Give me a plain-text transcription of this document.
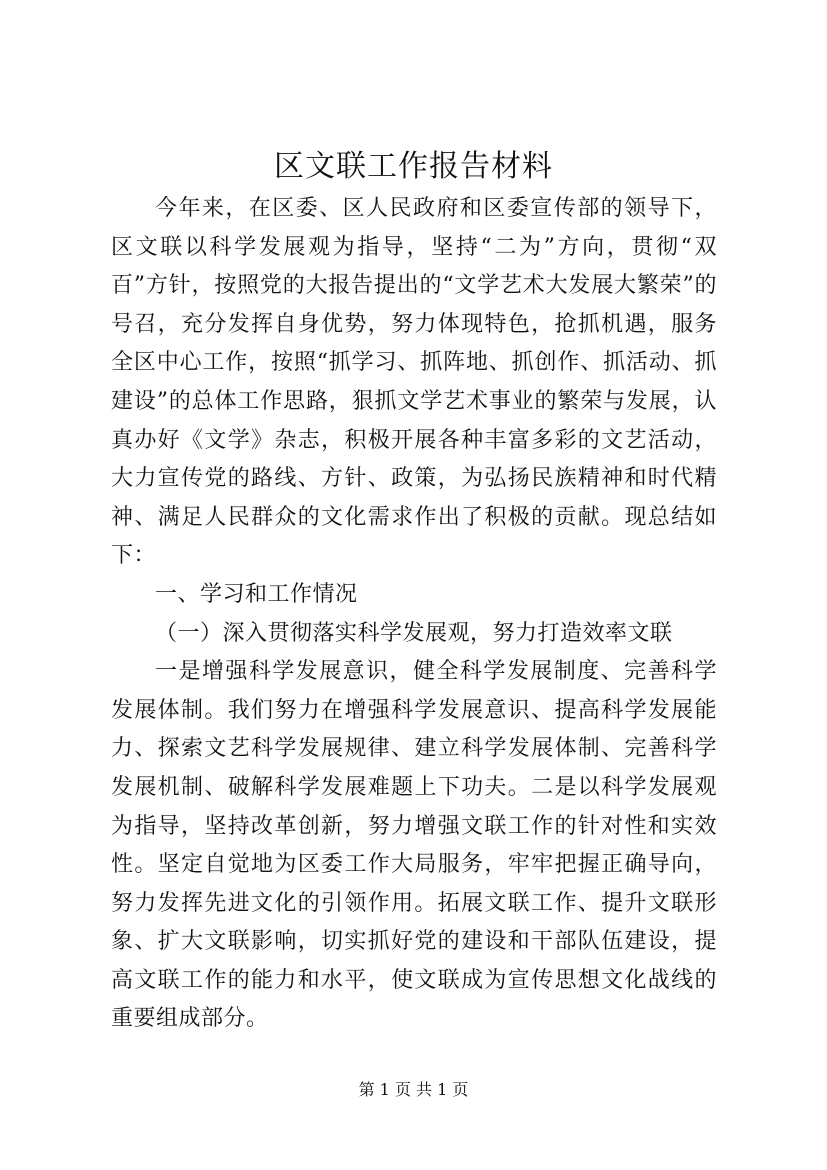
区文联工作报告材料

今年来，在区委、区人民政府和区委宣传部的领导下，区文联以科学发展观为指导，坚持“二为”方向，贯彻“双百”方针，按照党的大报告提出的“文学艺术大发展大繁荣”的号召，充分发挥自身优势，努力体现特色，抢抓机遇，服务全区中心工作，按照“抓学习、抓阵地、抓创作、抓活动、抓建设”的总体工作思路，狠抓文学艺术事业的繁荣与发展，认真办好《文学》杂志，积极开展各种丰富多彩的文艺活动，大力宣传党的路线、方针、政策，为弘扬民族精神和时代精神、满足人民群众的文化需求作出了积极的贡献。现总结如下：

一、学习和工作情况

（一）深入贯彻落实科学发展观，努力打造效率文联

一是增强科学发展意识，健全科学发展制度、完善科学发展体制。我们努力在增强科学发展意识、提高科学发展能力、探索文艺科学发展规律、建立科学发展体制、完善科学发展机制、破解科学发展难题上下功夫。二是以科学发展观为指导，坚持改革创新，努力增强文联工作的针对性和实效性。坚定自觉地为区委工作大局服务，牢牢把握正确导向，努力发挥先进文化的引领作用。拓展文联工作、提升文联形象、扩大文联影响，切实抓好党的建设和干部队伍建设，提高文联工作的能力和水平，使文联成为宣传思想文化战线的重要组成部分。

第 1 页 共 1 页
